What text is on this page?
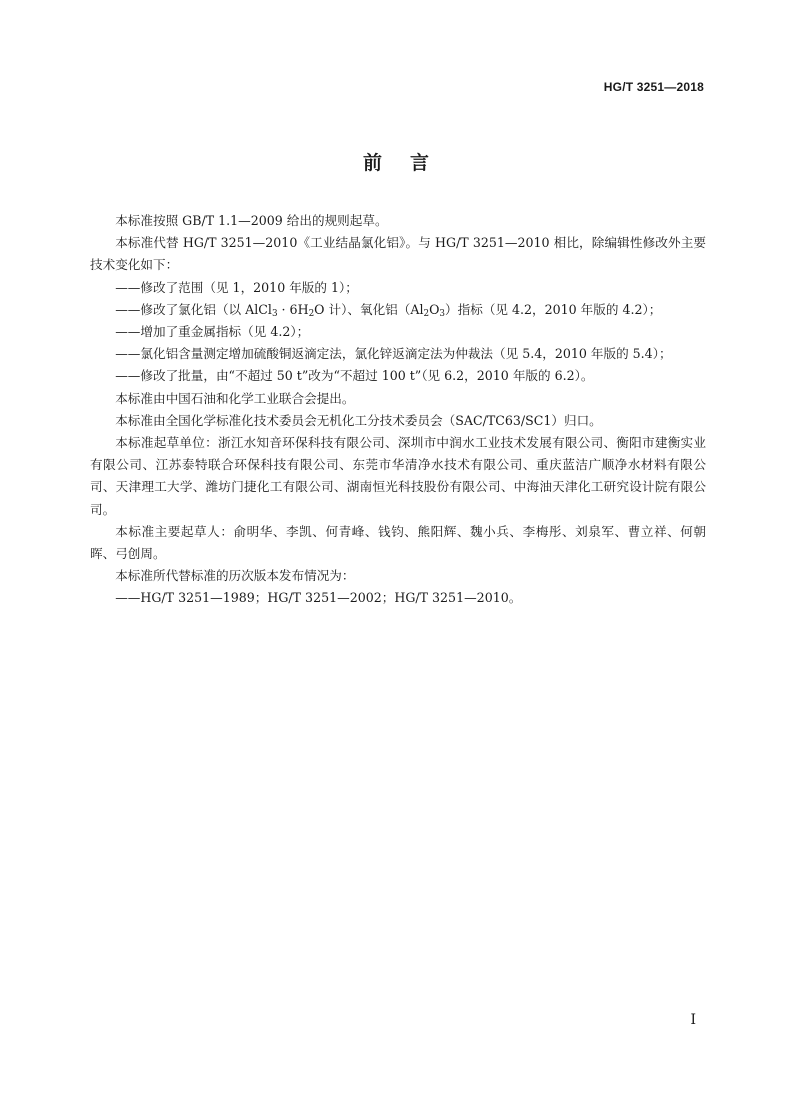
HG/T 3251—2018
前言

本标准按照 GB/T 1.1—2009 给出的规则起草。

本标准代替 HG/T 3251—2010《工业结晶氯化铝》。与 HG/T 3251—2010 相比，除编辑性修改外主要技术变化如下：

——修改了范围（见 1，2010 年版的 1）；

——修改了氯化铝（以 AlCl$_3$ · $6H_2O$ 计）、氧化铝$(Al_2O_3)$指标（见 4.2，2010 年版的 4.2）；

——增加了重金属指标（见 4.2）；

——氯化铝含量测定增加硫酸铜返滴定法，氯化锌返滴定法为仲裁法（见 5.4，2010 年版的 5.4）；

——修改了批量，由“不超过 50 t”改为“不超过 100 t”（见 6.2，2010 年版的 6.2）。

本标准由中国石油和化学工业联合会提出。

本标准由全国化学标准化技术委员会无机化工分技术委员会（SAC/TC63/SC1）归口。

本标准起草单位：浙江水知音环保科技有限公司、深圳市中润水工业技术发展有限公司、衡阳市建衡实业有限公司、江苏泰特联合环保科技有限公司、东莞市华清净水技术有限公司、重庆蓝洁广顺净水材料有限公司、天津理工大学、潍坊门捷化工有限公司、湖南恒光科技股份有限公司、中海油天津化工研究设计院有限公司。

本标准主要起草人：俞明华、李凯、何青峰、钱钧、熊阳辉、魏小兵、李梅彤、刘泉军、曹立祥、何朝晖、弓创周。

本标准所代替标准的历次版本发布情况为：

——HG/T 3251—1989；HG/T 3251—2002；HG/T 3251—2010。

I
